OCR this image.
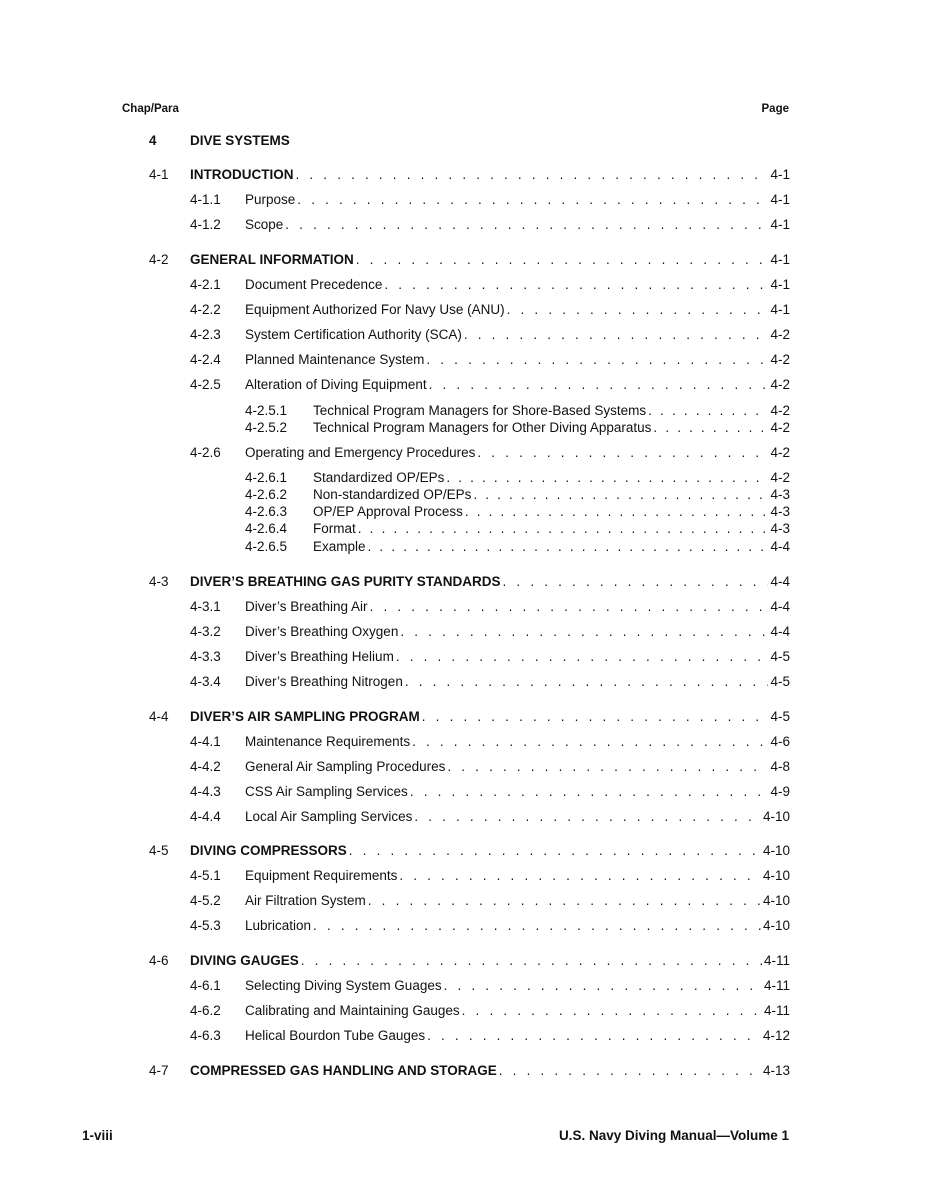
Chap/Para	Page
4 DIVE SYSTEMS
4-1 INTRODUCTION . . .	4-1
4-1.1 Purpose . . .	4-1
4-1.2 Scope . . .	4-1
4-2 GENERAL INFORMATION . . .	4-1
4-2.1 Document Precedence . . .	4-1
4-2.2 Equipment Authorized For Navy Use (ANU) . . .	4-1
4-2.3 System Certification Authority (SCA) . . .	4-2
4-2.4 Planned Maintenance System . . .	4-2
4-2.5 Alteration of Diving Equipment . . .	4-2
4-2.5.1 Technical Program Managers for Shore-Based Systems . . .	4-2
4-2.5.2 Technical Program Managers for Other Diving Apparatus . . .	4-2
4-2.6 Operating and Emergency Procedures . . .	4-2
4-2.6.1 Standardized OP/EPs . . .	4-2
4-2.6.2 Non-standardized OP/EPs . . .	4-3
4-2.6.3 OP/EP Approval Process . . .	4-3
4-2.6.4 Format . . .	4-3
4-2.6.5 Example . . .	4-4
4-3 DIVER’S BREATHING GAS PURITY STANDARDS . . .	4-4
4-3.1 Diver’s Breathing Air . . .	4-4
4-3.2 Diver’s Breathing Oxygen . . .	4-4
4-3.3 Diver’s Breathing Helium . . .	4-5
4-3.4 Diver’s Breathing Nitrogen . . .	4-5
4-4 DIVER’S AIR SAMPLING PROGRAM . . .	4-5
4-4.1 Maintenance Requirements . . .	4-6
4-4.2 General Air Sampling Procedures . . .	4-8
4-4.3 CSS Air Sampling Services . . .	4-9
4-4.4 Local Air Sampling Services . . .	4-10
4-5 DIVING COMPRESSORS . . .	4-10
4-5.1 Equipment Requirements . . .	4-10
4-5.2 Air Filtration System . . .	4-10
4-5.3 Lubrication . . .	4-10
4-6 DIVING GAUGES . . .	4-11
4-6.1 Selecting Diving System Guages . . .	4-11
4-6.2 Calibrating and Maintaining Gauges . . .	4-11
4-6.3 Helical Bourdon Tube Gauges . . .	4-12
4-7 COMPRESSED GAS HANDLING AND STORAGE . . .	4-13
1-viii	U.S. Navy Diving Manual—Volume 1
